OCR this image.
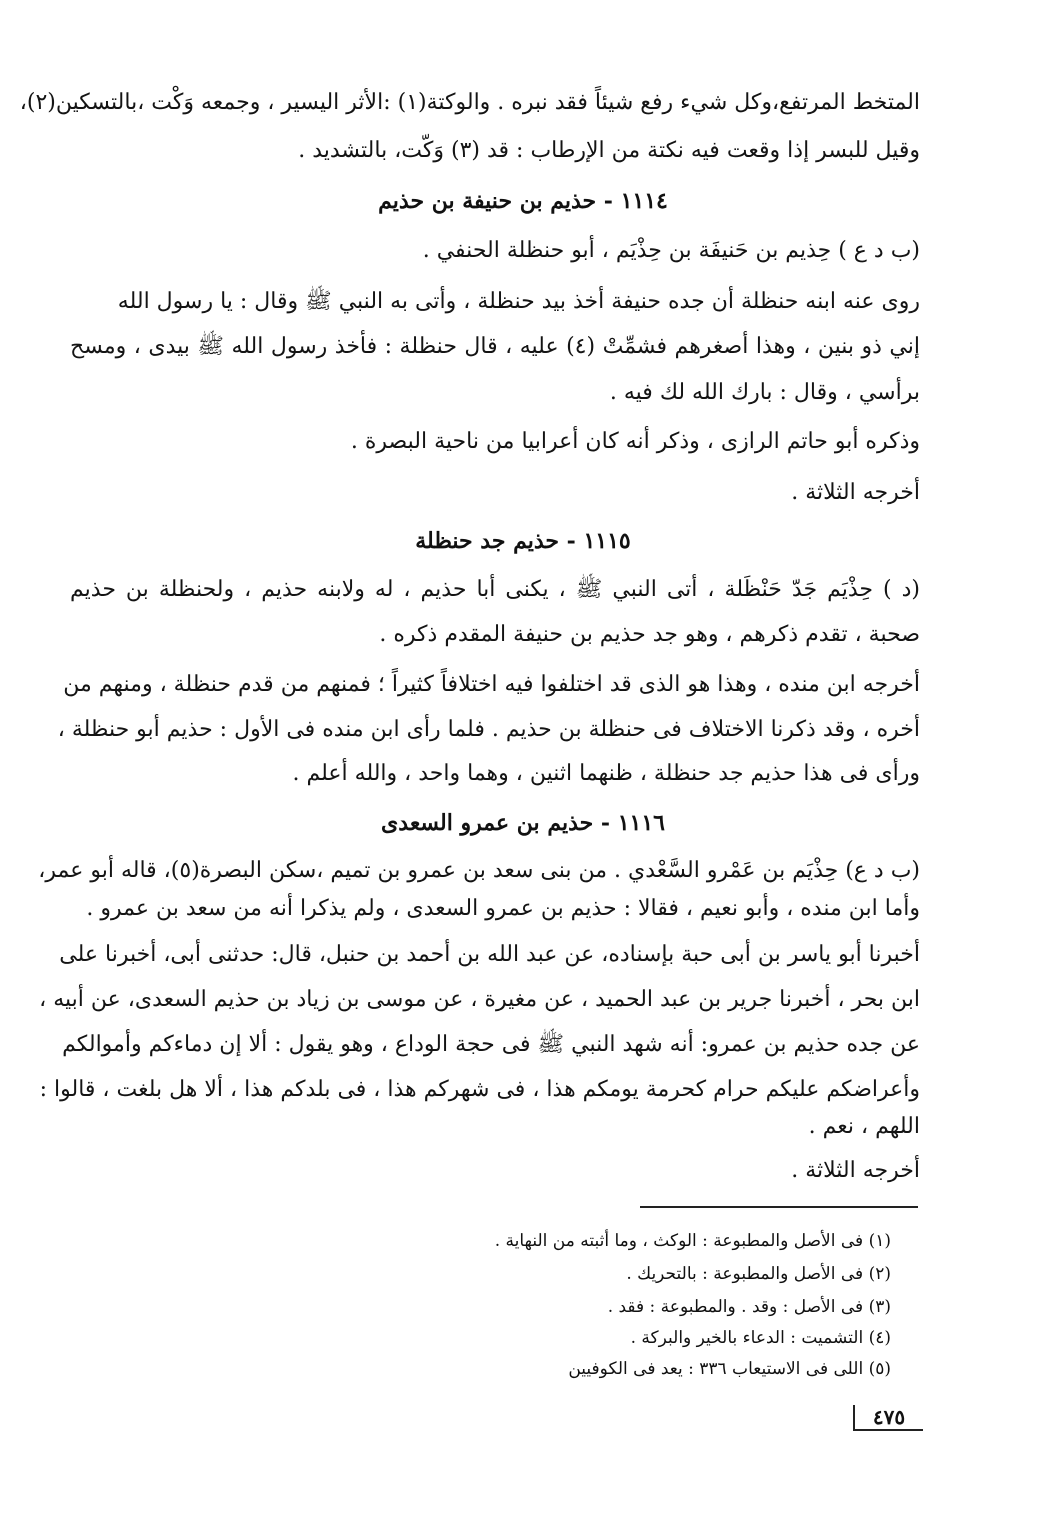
المتخط المرتفع،وكل شيء رفع شيئاً فقد نبره . والوكتة(١) :الأثر اليسير ، وجمعه وَكْت ،بالتسكين(٢)،
وقيل للبسر إذا وقعت فيه نكتة من الإرطاب : قد (٣) وَكّت، بالتشديد .
١١١٤ - حذيم بن حنيفة بن حذيم
(ب د ع ) حِذيم بن حَنيفَة بن حِذْيَم ، أبو حنظلة الحنفي .
روى عنه ابنه حنظلة أن جده حنيفة أخذ بيد حنظلة ، وأتى به النبي ﷺ وقال : يا رسول الله
إني ذو بنين ، وهذا أصغرهم فشمِّتْ (٤) عليه ، قال حنظلة : فأخذ رسول الله ﷺ بيدى ، ومسح
برأسي ، وقال : بارك الله لك فيه .
وذكره أبو حاتم الرازى ، وذكر أنه كان أعرابيا من ناحية البصرة .
أخرجه الثلاثة .
١١١٥ - حذيم جد حنظلة
(د ) حِذْيَم جَدّ حَنْظَلة ، أتى النبي ﷺ ، يكنى أبا حذيم ، له ولابنه حذيم ، ولحنظلة بن حذيم
صحبة ، تقدم ذكرهم ، وهو جد حذيم بن حنيفة المقدم ذكره .
أخرجه ابن منده ، وهذا هو الذى قد اختلفوا فيه اختلافاً كثيراً ؛ فمنهم من قدم حنظلة ، ومنهم من
أخره ، وقد ذكرنا الاختلاف فى حنظلة بن حذيم . فلما رأى ابن منده فى الأول : حذيم أبو حنظلة ،
ورأى فى هذا حذيم جد حنظلة ، ظنهما اثنين ، وهما واحد ، والله أعلم .
١١١٦ - حذيم بن عمرو السعدى
(ب د ع) حِذْيَم بن عَمْرو السَّعْدي . من بنى سعد بن عمرو بن تميم ،سكن البصرة(٥)، قاله أبو عمر،
وأما ابن منده ، وأبو نعيم ، فقالا : حذيم بن عمرو السعدى ، ولم يذكرا أنه من سعد بن عمرو .
أخبرنا أبو ياسر بن أبى حبة بإسناده، عن عبد الله بن أحمد بن حنبل، قال: حدثنى أبى، أخبرنا على
ابن بحر ، أخبرنا جرير بن عبد الحميد ، عن مغيرة ، عن موسى بن زياد بن حذيم السعدى، عن أبيه ،
عن جده حذيم بن عمرو: أنه شهد النبي ﷺ فى حجة الوداع ، وهو يقول : ألا إن دماءكم وأموالكم
وأعراضكم عليكم حرام كحرمة يومكم هذا ، فى شهركم هذا ، فى بلدكم هذا ، ألا هل بلغت ، قالوا :
اللهم ، نعم .
أخرجه الثلاثة .
(١) فى الأصل والمطبوعة : الوكث ، وما أثبته من النهاية .
(٢) فى الأصل والمطبوعة : بالتحريك .
(٣) فى الأصل : وقد . والمطبوعة : فقد .
(٤) التشميت : الدعاء بالخير والبركة .
(٥) اللى فى الاستيعاب ٣٣٦ : يعد فى الكوفيين
٤٧٥
